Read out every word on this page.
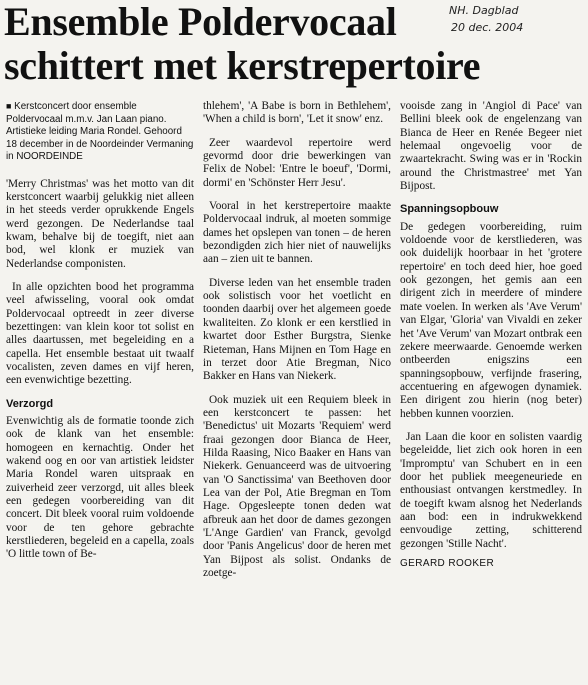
Ensemble Poldervocaal
schittert met kerstrepertoire
NH. Dagblad
20 dec. 2004
■ Kerstconcert door ensemble Poldervocaal m.m.v. Jan Laan piano. Artistieke leiding Maria Rondel. Gehoord 18 december in de Noordeinder Vermaning in NOORDEINDE

'Merry Christmas' was het motto van dit kerstconcert waarbij gelukkig niet alleen in het steeds verder oprukkende Engels werd gezongen. De Nederlandse taal kwam, behalve bij de toegift, niet aan bod, wel klonk er muziek van Nederlandse componisten.

In alle opzichten bood het programma veel afwisseling, vooral ook omdat Poldervocaal optreedt in zeer diverse bezettingen: van klein koor tot solist en alles daartussen, met begeleiding en a capella. Het ensemble bestaat uit twaalf vocalisten, zeven dames en vijf heren, een evenwichtige bezetting.

Verzorgd

Evenwichtig als de formatie toonde zich ook de klank van het ensemble: homogeen en kernachtig. Onder het wakend oog en oor van artistiek leidster Maria Rondel waren uitspraak en zuiverheid zeer verzorgd, uit alles bleek een gedegen voorbereiding van dit concert. Dit bleek vooral ruim voldoende voor de ten gehore gebrachte kerstliederen, begeleid en a capella, zoals 'O little town of Be-

thlehem', 'A Babe is born in Bethlehem', 'When a child is born', 'Let it snow' enz.

Zeer waardevol repertoire werd gevormd door drie bewerkingen van Felix de Nobel: 'Entre le boeuf', 'Dormi, dormi' en 'Schönster Herr Jesu'.

Vooral in het kerstrepertoire maakte Poldervocaal indruk, al moeten sommige dames het opslepen van tonen – de heren bezondigden zich hier niet of nauwelijks aan – zien uit te bannen.

Diverse leden van het ensemble traden ook solistisch voor het voetlicht en toonden daarbij over het algemeen goede kwaliteiten. Zo klonk er een kerstlied in kwartet door Esther Burgstra, Sienke Rieteman, Hans Mijnen en Tom Hage en in terzet door Atie Bregman, Nico Bakker en Hans van Niekerk.

Ook muziek uit een Requiem bleek in een kerstconcert te passen: het 'Benedictus' uit Mozarts 'Requiem' werd fraai gezongen door Bianca de Heer, Hilda Raasing, Nico Baaker en Hans van Niekerk. Genuanceerd was de uitvoering van 'O Sanctissima' van Beethoven door Lea van der Pol, Atie Bregman en Tom Hage. Opgesleepte tonen deden wat afbreuk aan het door de dames gezongen 'L'Ange Gardien' van Franck, gevolgd door 'Panis Angelicus' door de heren met Yan Bijpost als solist. Ondanks de zoetge-

vooisde zang in 'Angiol di Pace' van Bellini bleek ook de engelenzang van Bianca de Heer en Renée Begeer niet helemaal ongevoelig voor de zwaartekracht. Swing was er in 'Rockin around the Christmastree' met Yan Bijpost.

Spanningsopbouw

De gedegen voorbereiding, ruim voldoende voor de kerstliederen, was ook duidelijk hoorbaar in het 'grotere repertoire' en toch deed hier, hoe goed ook gezongen, het gemis aan een dirigent zich in meerdere of mindere mate voelen. In werken als 'Ave Verum' van Elgar, 'Gloria' van Vivaldi en zeker het 'Ave Verum' van Mozart ontbrak een zekere meerwaarde. Genoemde werken ontbeerden enigszins een spanningsopbouw, verfijnde frasering, accentuering en afgewogen dynamiek. Een dirigent zou hierin (nog beter) hebben kunnen voorzien.

Jan Laan die koor en solisten vaardig begeleidde, liet zich ook horen in een 'Impromptu' van Schubert en in een door het publiek meegeneuriede en enthousiast ontvangen kerstmedley. In de toegift kwam alsnog het Nederlands aan bod: een in indrukwekkend eenvoudige zetting, schitterend gezongen 'Stille Nacht'.

GERARD ROOKER
